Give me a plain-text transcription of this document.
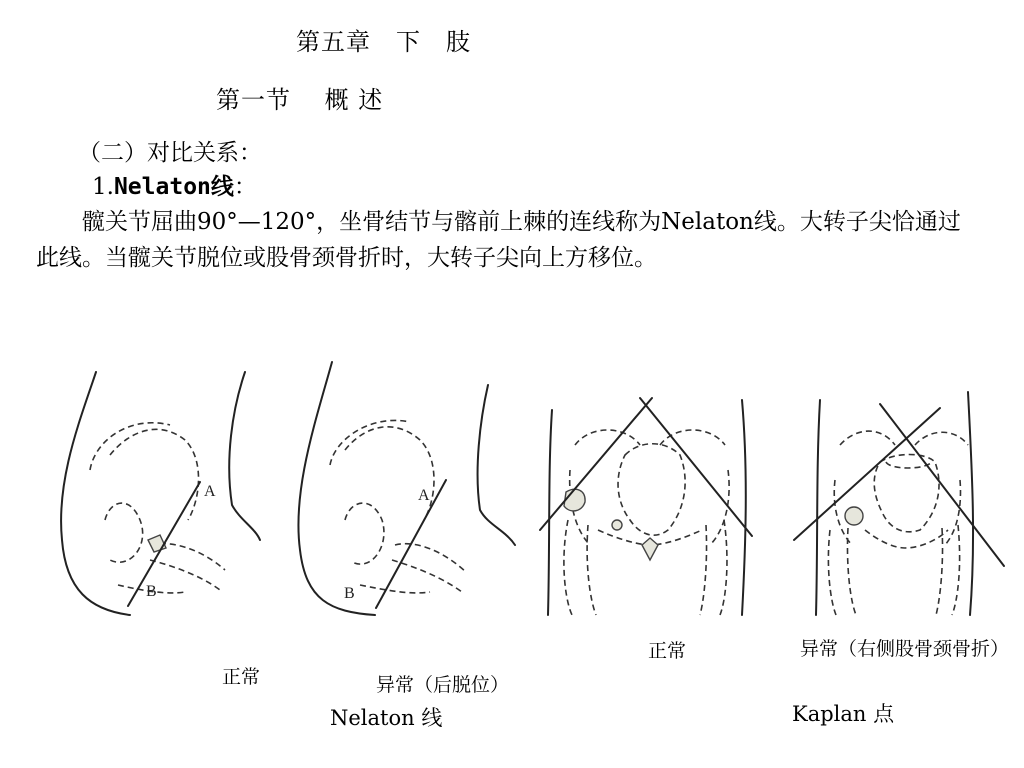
第五章　下　肢
第一节　 概 述
（二）对比关系：
1.Nelaton线：
髋关节屈曲90°—120°，坐骨结节与髂前上棘的连线称为Nelaton线。大转子尖恰通过此线。当髋关节脱位或股骨颈骨折时，大转子尖向上方移位。
A
B
A
B
正常	异常（后脱位）
正常	异常（右侧股骨颈骨折）
Nelaton 线	Kaplan 点
